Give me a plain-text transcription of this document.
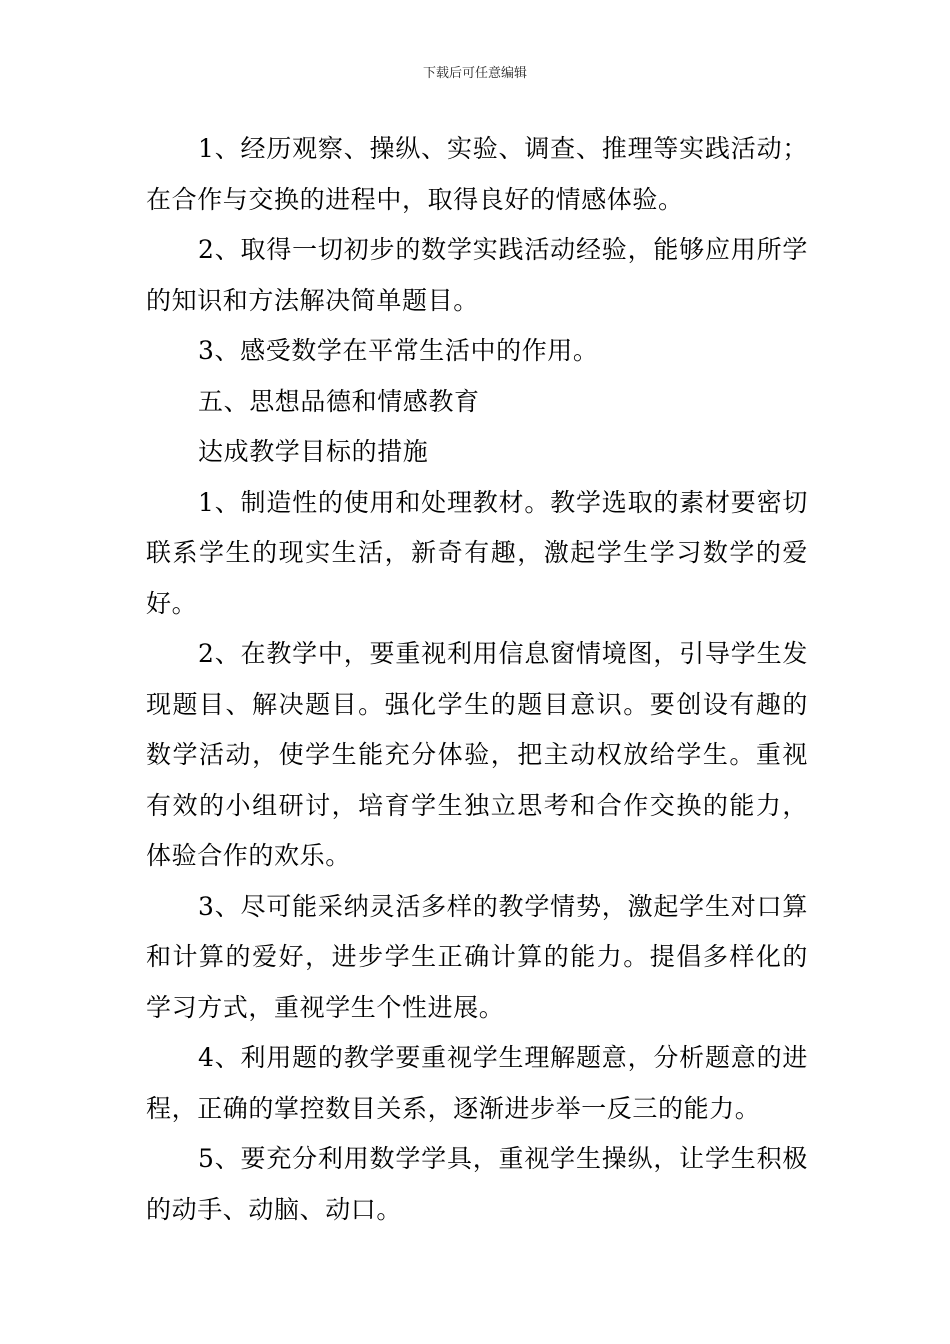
下载后可任意编辑

1、经历观察、操纵、实验、调查、推理等实践活动；在合作与交换的进程中，取得良好的情感体验。

2、取得一切初步的数学实践活动经验，能够应用所学的知识和方法解决简单题目。

3、感受数学在平常生活中的作用。

五、思想品德和情感教育

达成教学目标的措施

1、制造性的使用和处理教材。教学选取的素材要密切联系学生的现实生活，新奇有趣，激起学生学习数学的爱好。

2、在教学中，要重视利用信息窗情境图，引导学生发现题目、解决题目。强化学生的题目意识。要创设有趣的数学活动，使学生能充分体验，把主动权放给学生。重视有效的小组研讨，培育学生独立思考和合作交换的能力，体验合作的欢乐。

3、尽可能采纳灵活多样的教学情势，激起学生对口算和计算的爱好，进步学生正确计算的能力。提倡多样化的学习方式，重视学生个性进展。

4、利用题的教学要重视学生理解题意，分析题意的进程，正确的掌控数目关系，逐渐进步举一反三的能力。

5、要充分利用数学学具，重视学生操纵，让学生积极的动手、动脑、动口。
